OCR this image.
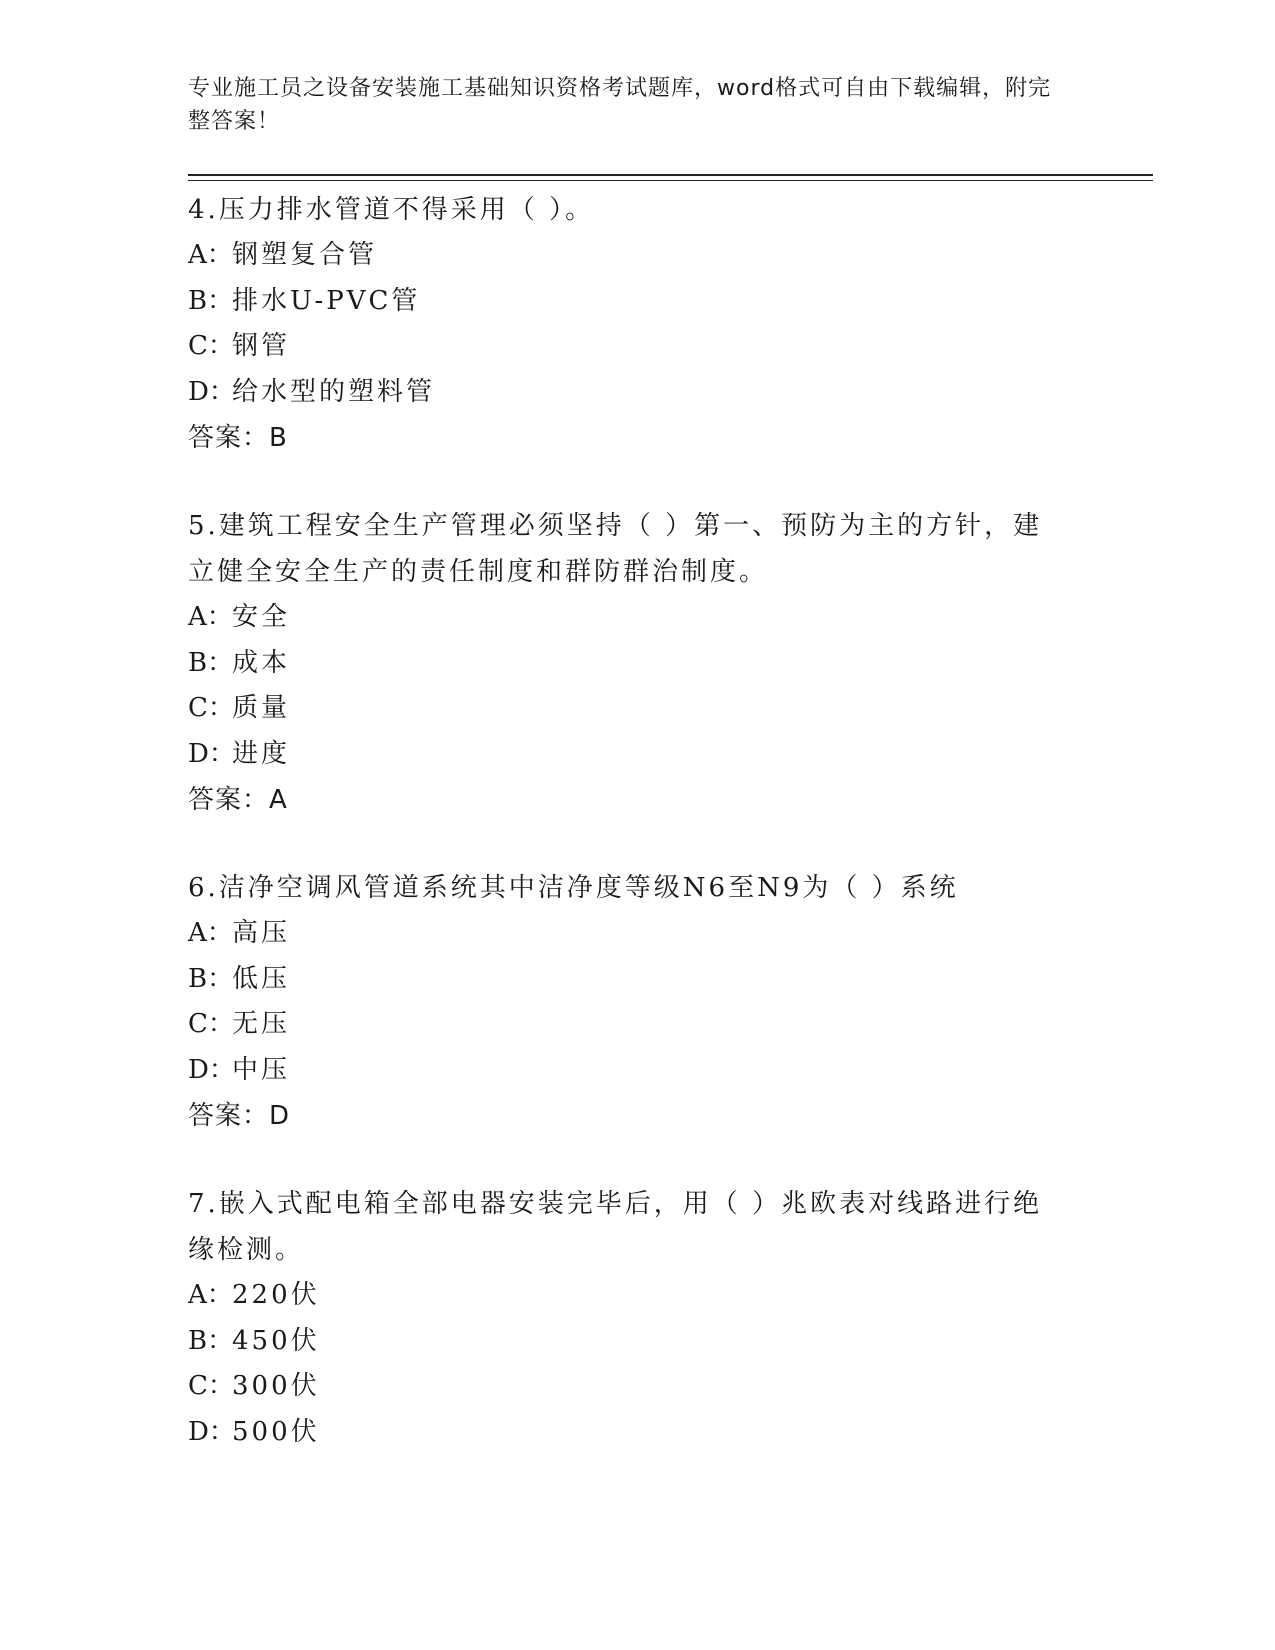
专业施工员之设备安装施工基础知识资格考试题库，word格式可自由下载编辑，附完整答案！
4.压力排水管道不得采用（ ）。
A： 钢塑复合管
B：
排水U-PVC管
C：
钢管
D：
给水型的塑料管
答案：B
5.建筑工程安全生产管理必须坚持（ ）第一、预防为主的方针，建立健全安全生产的责任制度和群防群治制度。
A： 安全
B：
成本
C：
质量
D：
进度
答案：A
6.洁净空调风管道系统其中洁净度等级N6至N9为（ ）系统
A： 高压
B：
低压
C：
无压
D：
中压
答案：D
7.嵌入式配电箱全部电器安装完毕后，用（ ）兆欧表对线路进行绝缘检测。
A： 220伏
B：
450伏
C：
300伏
D：
500伏
